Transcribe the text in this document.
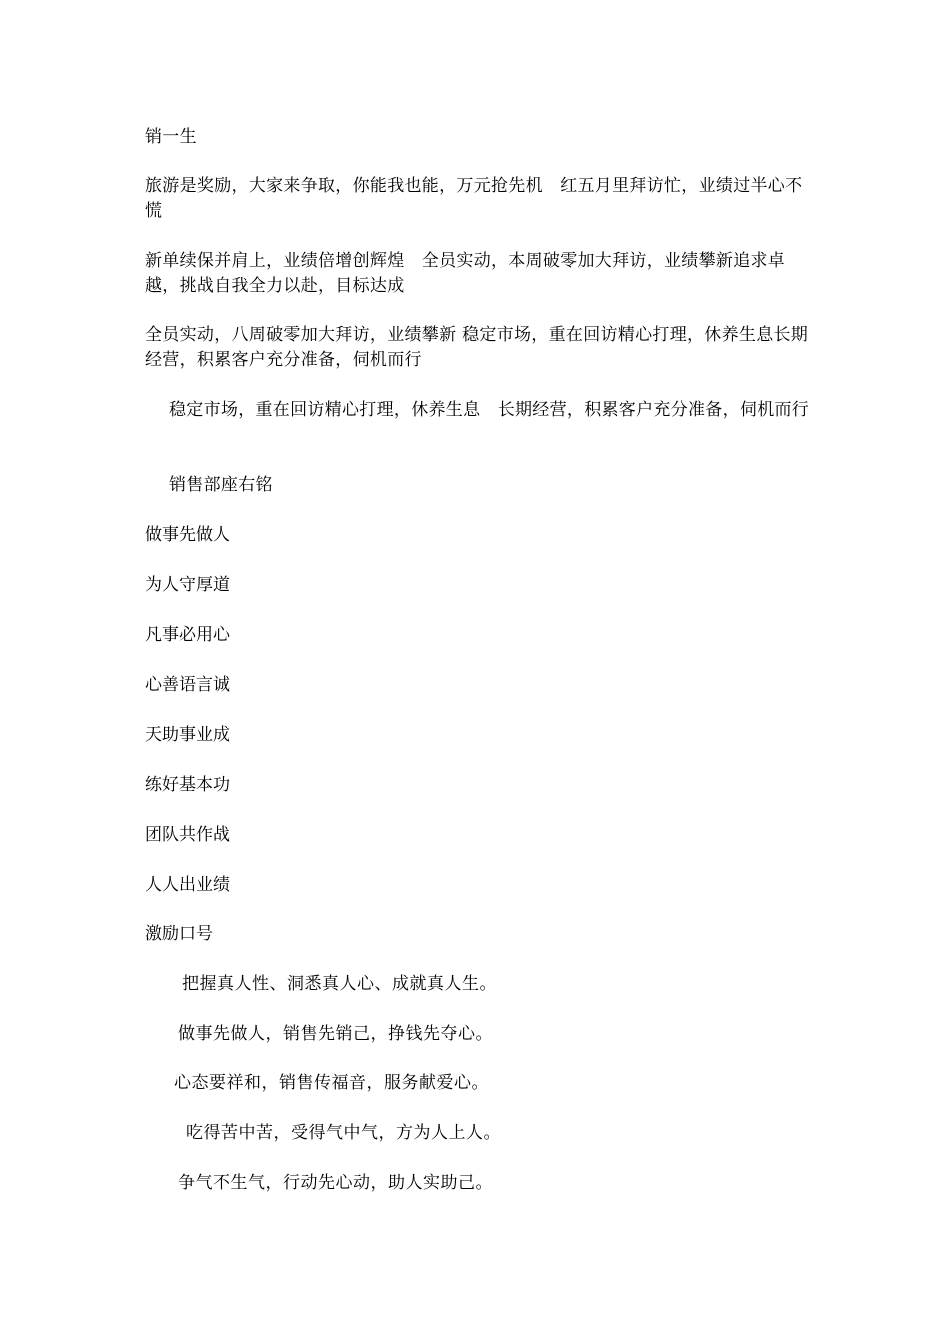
销一生
旅游是奖励，大家来争取，你能我也能，万元抢先机　红五月里拜访忙，业绩过半心不慌
新单续保并肩上，业绩倍增创辉煌　全员实动，本周破零加大拜访，业绩攀新追求卓越，挑战自我全力以赴，目标达成
全员实动，八周破零加大拜访，业绩攀新 稳定市场，重在回访精心打理，休养生息长期经营，积累客户充分准备，伺机而行
稳定市场，重在回访精心打理，休养生息　长期经营，积累客户充分准备，伺机而行
销售部座右铭
做事先做人
为人守厚道
凡事必用心
心善语言诚
天助事业成
练好基本功
团队共作战
人人出业绩
激励口号
把握真人性、洞悉真人心、成就真人生。
做事先做人，销售先销己，挣钱先夺心。
心态要祥和，销售传福音，服务献爱心。
吃得苦中苦，受得气中气，方为人上人。
争气不生气，行动先心动，助人实助己。
